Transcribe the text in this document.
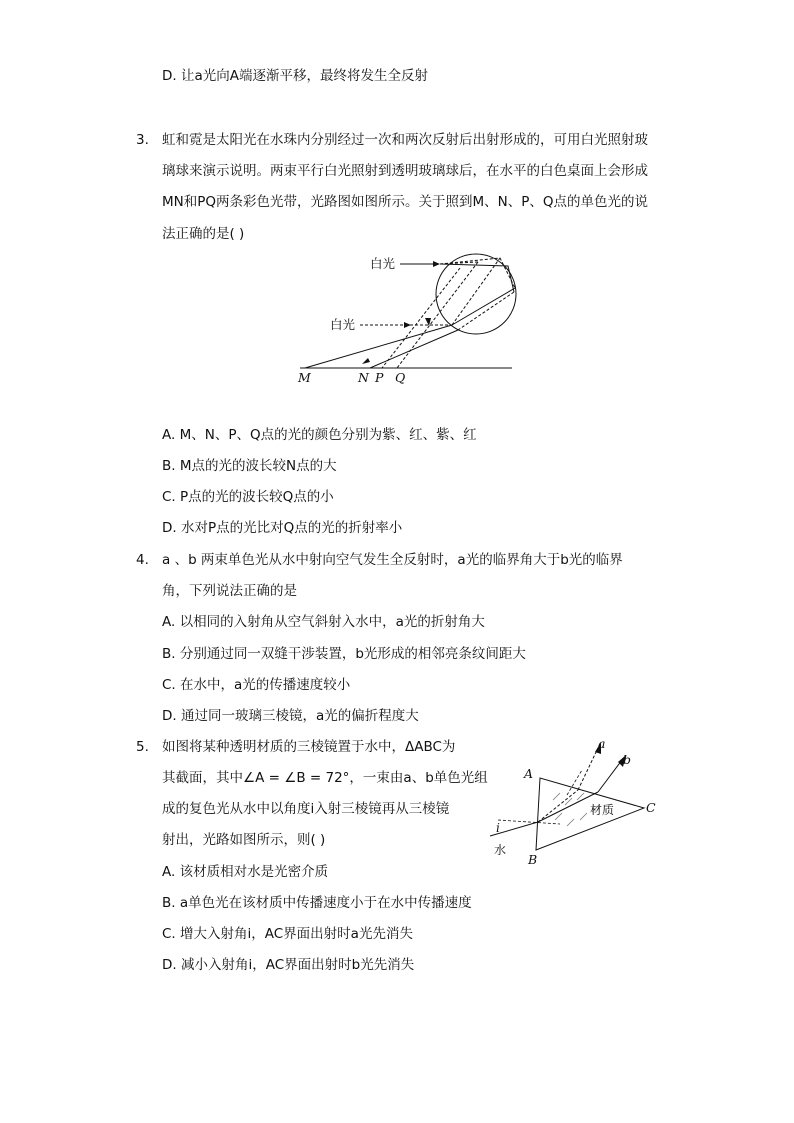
D. 让a光向A端逐渐平移，最终将发生全反射
3. 虹和霓是太阳光在水珠内分别经过一次和两次反射后出射形成的，可用白光照射玻
璃球来演示说明。两束平行白光照射到透明玻璃球后，在水平的白色桌面上会形成
MN和PQ两条彩色光带，光路图如图所示。关于照到M、N、P、Q点的单色光的说
法正确的是( )
白光
白光
M	N P Q
A. M、N、P、Q点的光的颜色分别为紫、红、紫、红
B. M点的光的波长较N点的大
C. P点的光的波长较Q点的小
D. 水对P点的光比对Q点的光的折射率小
4. a 、b 两束单色光从水中射向空气发生全反射时，a光的临界角大于b光的临界
角，下列说法正确的是
A. 以相同的入射角从空气斜射入水中，a光的折射角大
B. 分别通过同一双缝干涉装置，b光形成的相邻亮条纹间距大
C. 在水中，a光的传播速度较小
D. 通过同一玻璃三棱镜，a光的偏折程度大
5. 如图将某种透明材质的三棱镜置于水中，ΔABC为
其截面，其中∠A = ∠B = 72°，一束由a、b单色光组
成的复色光从水中以角度i入射三棱镜再从三棱镜
射出，光路如图所示，则( )
A
B
C
a
b
材质
水
i
A. 该材质相对水是光密介质
B. a单色光在该材质中传播速度小于在水中传播速度
C. 增大入射角i，AC界面出射时a光先消失
D. 减小入射角i，AC界面出射时b光先消失
